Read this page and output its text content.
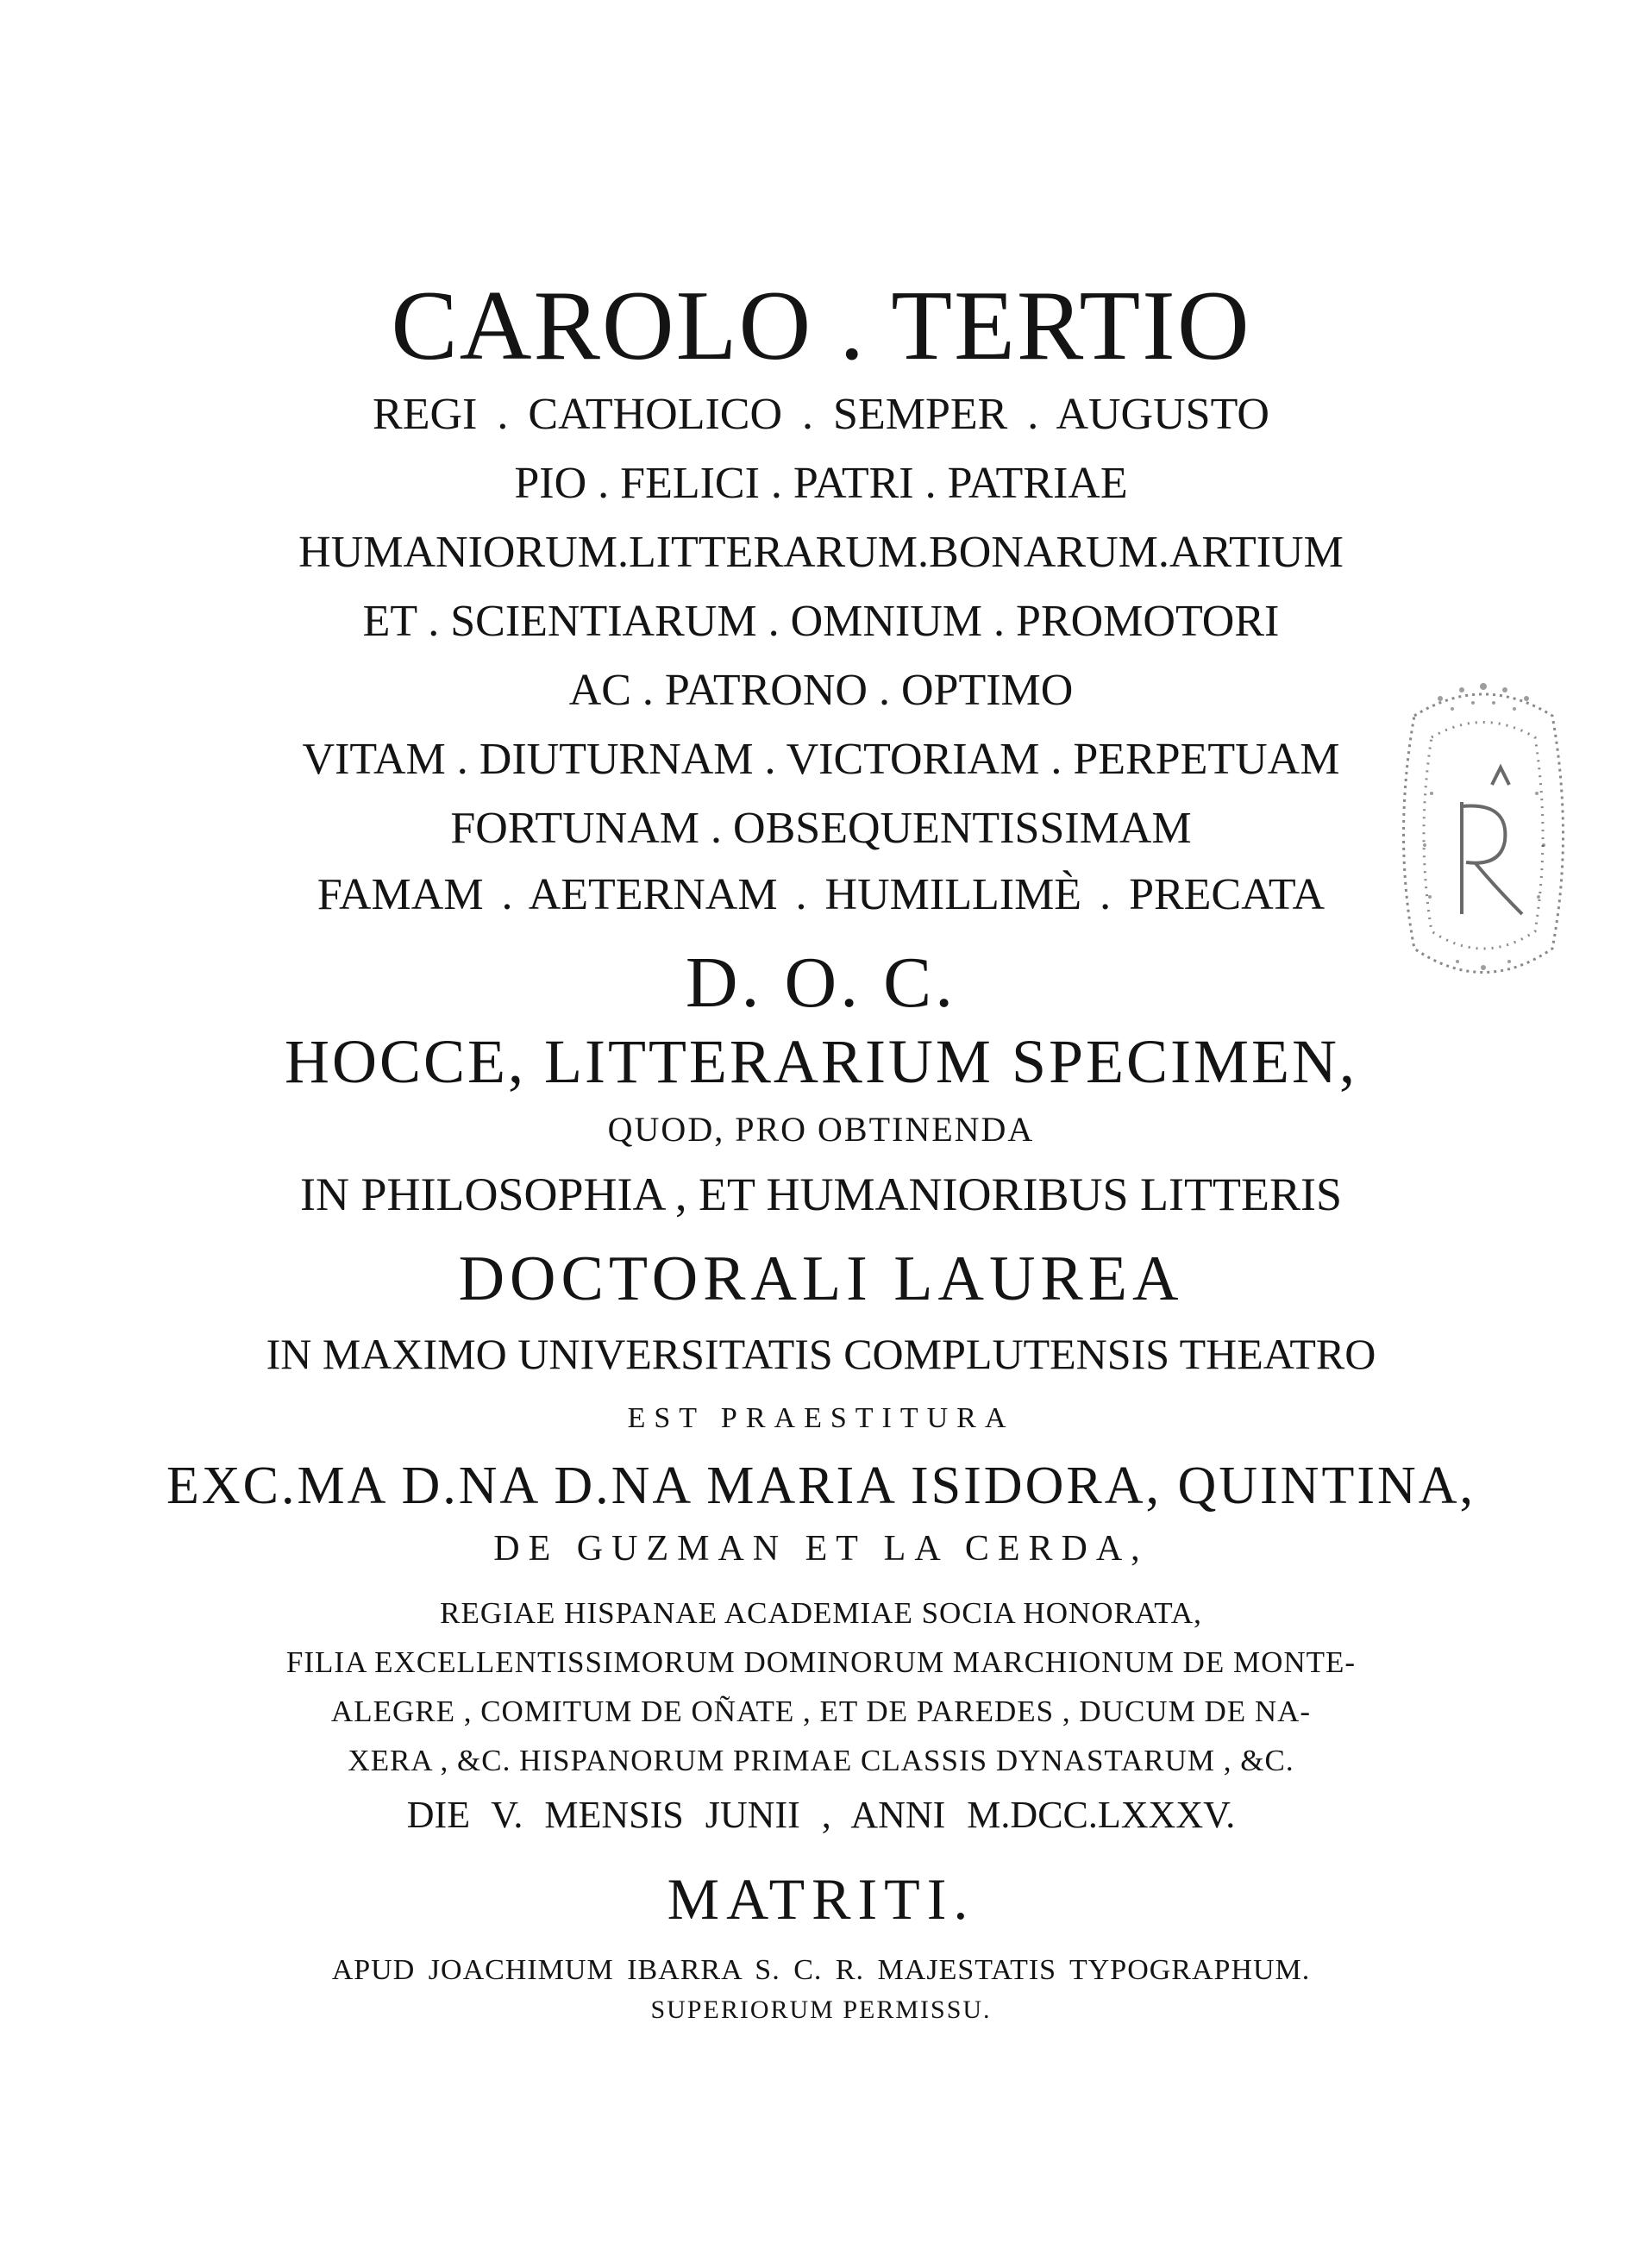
CAROLO . TERTIO
REGI . CATHOLICO . SEMPER . AUGUSTO
PIO . FELICI . PATRI . PATRIAE
HUMANIORUM.LITTERARUM.BONARUM.ARTIUM
ET . SCIENTIARUM . OMNIUM . PROMOTORI
AC . PATRONO . OPTIMO
VITAM . DIUTURNAM . VICTORIAM . PERPETUAM
FORTUNAM . OBSEQUENTISSIMAM
FAMAM . AETERNAM . HUMILLIMÈ . PRECATA
D. O. C.
HOCCE, LITTERARIUM SPECIMEN,
QUOD, PRO OBTINENDA
IN PHILOSOPHIA , ET HUMANIORIBUS LITTERIS
DOCTORALI LAUREA
IN MAXIMO UNIVERSITATIS COMPLUTENSIS THEATRO
EST PRAESTITURA
EXC.MA D.NA D.NA MARIA ISIDORA, QUINTINA,
DE GUZMAN ET LA CERDA,
REGIAE HISPANAE ACADEMIAE SOCIA HONORATA,
FILIA EXCELLENTISSIMORUM DOMINORUM MARCHIONUM DE MONTE-
ALEGRE , COMITUM DE OÑATE , ET DE PAREDES , DUCUM DE NA-
XERA , &C. HISPANORUM PRIMAE CLASSIS DYNASTARUM , &C.
DIE V. MENSIS JUNII , ANNI M.DCC.LXXXV.
MATRITI.
APUD JOACHIMUM IBARRA S. C. R. MAJESTATIS TYPOGRAPHUM.
SUPERIORUM PERMISSU.
